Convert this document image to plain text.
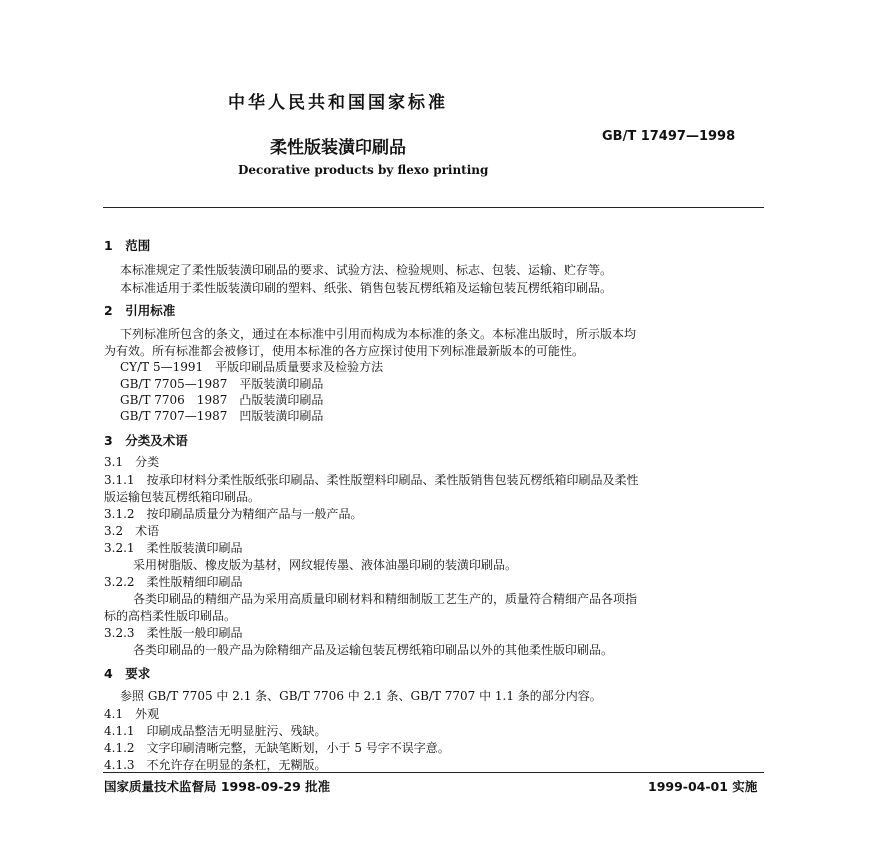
中华人民共和国国家标准
柔性版装潢印刷品
GB/T 17497—1998
Decorative products by flexo printing
1　范围
本标准规定了柔性版装潢印刷品的要求、试验方法、检验规则、标志、包装、运输、贮存等。
本标准适用于柔性版装潢印刷的塑料、纸张、销售包装瓦楞纸箱及运输包装瓦楞纸箱印刷品。
2　引用标准
下列标准所包含的条文，通过在本标准中引用而构成为本标准的条文。本标准出版时，所示版本均
为有效。所有标准都会被修订，使用本标准的各方应探讨使用下列标准最新版本的可能性。
CY/T 5—1991　平版印刷品质量要求及检验方法
GB/T 7705—1987　平版装潢印刷品
GB/T 7706　1987　凸版装潢印刷品
GB/T 7707—1987　凹版装潢印刷品
3　分类及术语
3.1　分类
3.1.1　按承印材料分柔性版纸张印刷品、柔性版塑料印刷品、柔性版销售包装瓦楞纸箱印刷品及柔性
版运输包装瓦楞纸箱印刷品。
3.1.2　按印刷品质量分为精细产品与一般产品。
3.2　术语
3.2.1　柔性版装潢印刷品
采用树脂版、橡皮版为基材，网纹辊传墨、液体油墨印刷的装潢印刷品。
3.2.2　柔性版精细印刷品
各类印刷品的精细产品为采用高质量印刷材料和精细制版工艺生产的，质量符合精细产品各项指
标的高档柔性版印刷品。
3.2.3　柔性版一般印刷品
各类印刷品的一般产品为除精细产品及运输包装瓦楞纸箱印刷品以外的其他柔性版印刷品。
4　要求
参照 GB/T 7705 中 2.1 条、GB/T 7706 中 2.1 条、GB/T 7707 中 1.1 条的部分内容。
4.1　外观
4.1.1　印刷成品整洁无明显脏污、残缺。
4.1.2　文字印刷清晰完整，无缺笔断划，小于 5 号字不误字意。
4.1.3　不允许存在明显的条杠，无糊版。
国家质量技术监督局 1998-09-29 批准	1999-04-01 实施
